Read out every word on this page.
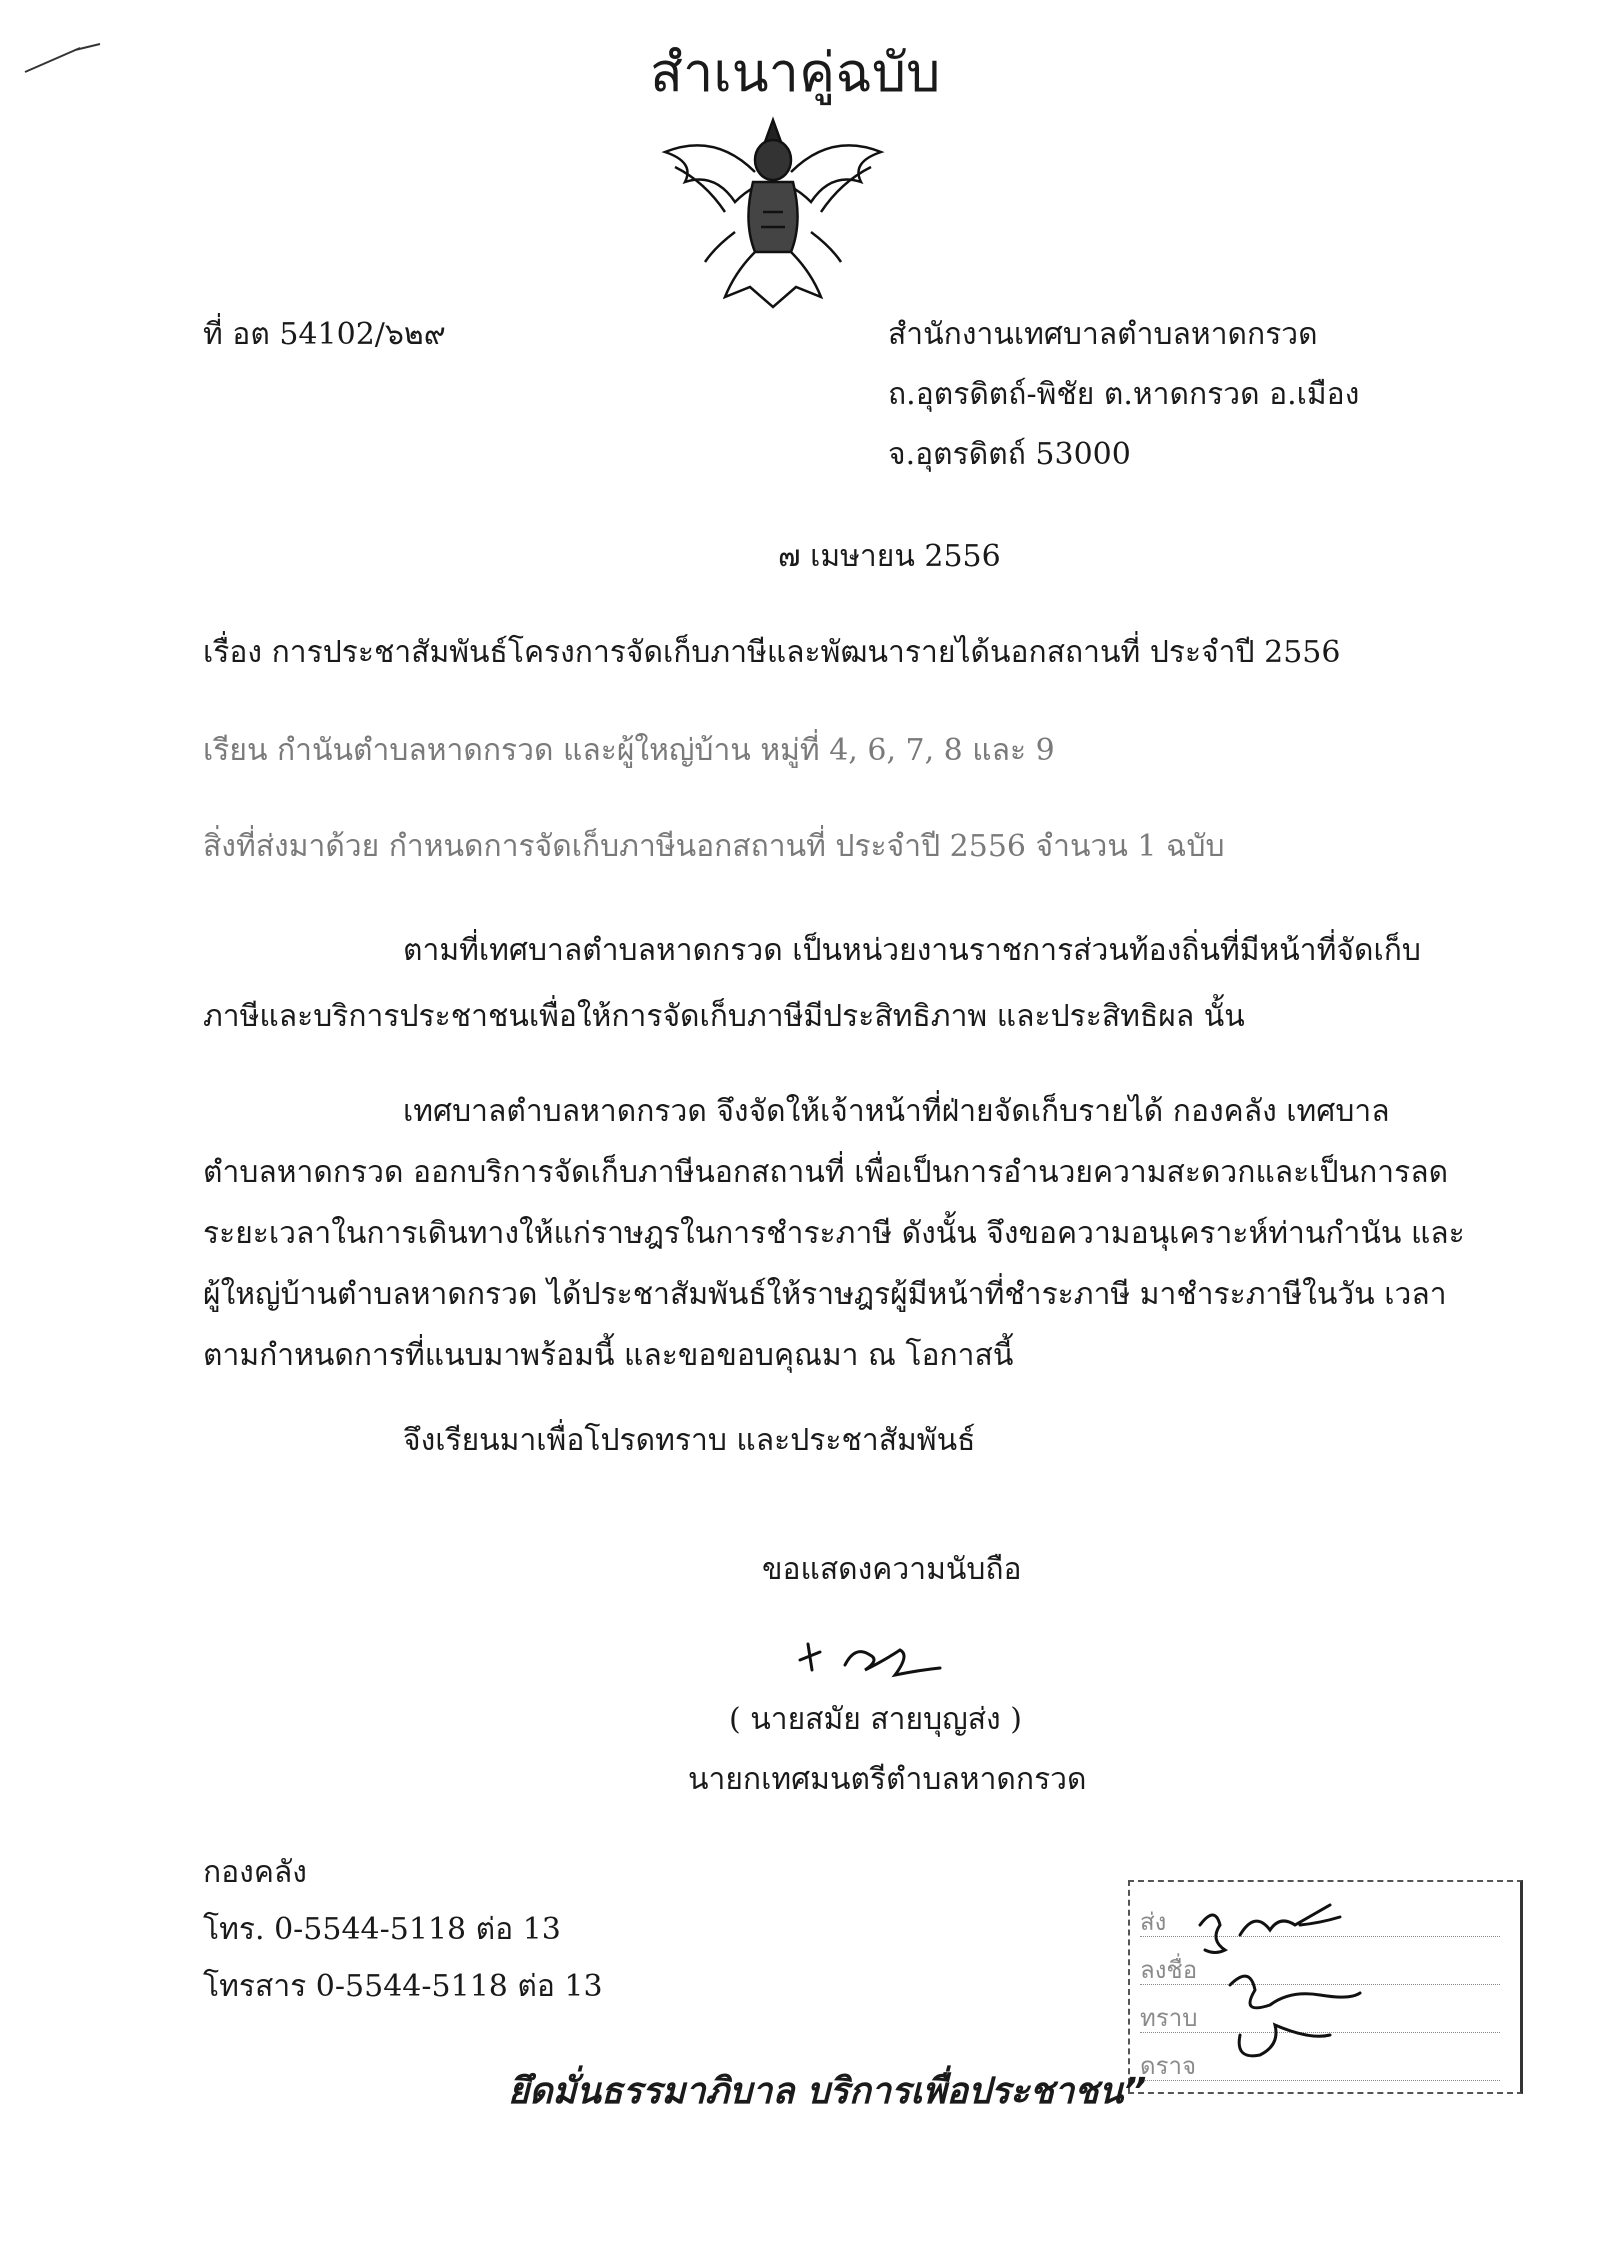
สำเนาคู่ฉบับ
ที่ อต 54102/๖๒๙	สำนักงานเทศบาลตำบลหาดกรวด
ถ.อุตรดิตถ์-พิชัย ต.หาดกรวด อ.เมือง
จ.อุตรดิตถ์ 53000
๗ เมษายน 2556
เรื่อง การประชาสัมพันธ์โครงการจัดเก็บภาษีและพัฒนารายได้นอกสถานที่ ประจำปี 2556
เรียน กำนันตำบลหาดกรวด และผู้ใหญ่บ้าน หมู่ที่ 4, 6, 7, 8 และ 9
สิ่งที่ส่งมาด้วย กำหนดการจัดเก็บภาษีนอกสถานที่ ประจำปี 2556 จำนวน 1 ฉบับ
ตามที่เทศบาลตำบลหาดกรวด เป็นหน่วยงานราชการส่วนท้องถิ่นที่มีหน้าที่จัดเก็บ
ภาษีและบริการประชาชนเพื่อให้การจัดเก็บภาษีมีประสิทธิภาพ และประสิทธิผล นั้น
เทศบาลตำบลหาดกรวด จึงจัดให้เจ้าหน้าที่ฝ่ายจัดเก็บรายได้ กองคลัง เทศบาล
ตำบลหาดกรวด ออกบริการจัดเก็บภาษีนอกสถานที่ เพื่อเป็นการอำนวยความสะดวกและเป็นการลด
ระยะเวลาในการเดินทางให้แก่ราษฎรในการชำระภาษี ดังนั้น จึงขอความอนุเคราะห์ท่านกำนัน และ
ผู้ใหญ่บ้านตำบลหาดกรวด ได้ประชาสัมพันธ์ให้ราษฎรผู้มีหน้าที่ชำระภาษี มาชำระภาษีในวัน เวลา
ตามกำหนดการที่แนบมาพร้อมนี้ และขอขอบคุณมา ณ โอกาสนี้
จึงเรียนมาเพื่อโปรดทราบ และประชาสัมพันธ์
ขอแสดงความนับถือ
( นายสมัย สายบุญส่ง )
นายกเทศมนตรีตำบลหาดกรวด
กองคลัง
โทร. 0-5544-5118 ต่อ 13
โทรสาร 0-5544-5118 ต่อ 13
ส่ง
ลงชื่อ
ทราบ
ดราจ
ยึดมั่นธรรมาภิบาล บริการเพื่อประชาชน”
